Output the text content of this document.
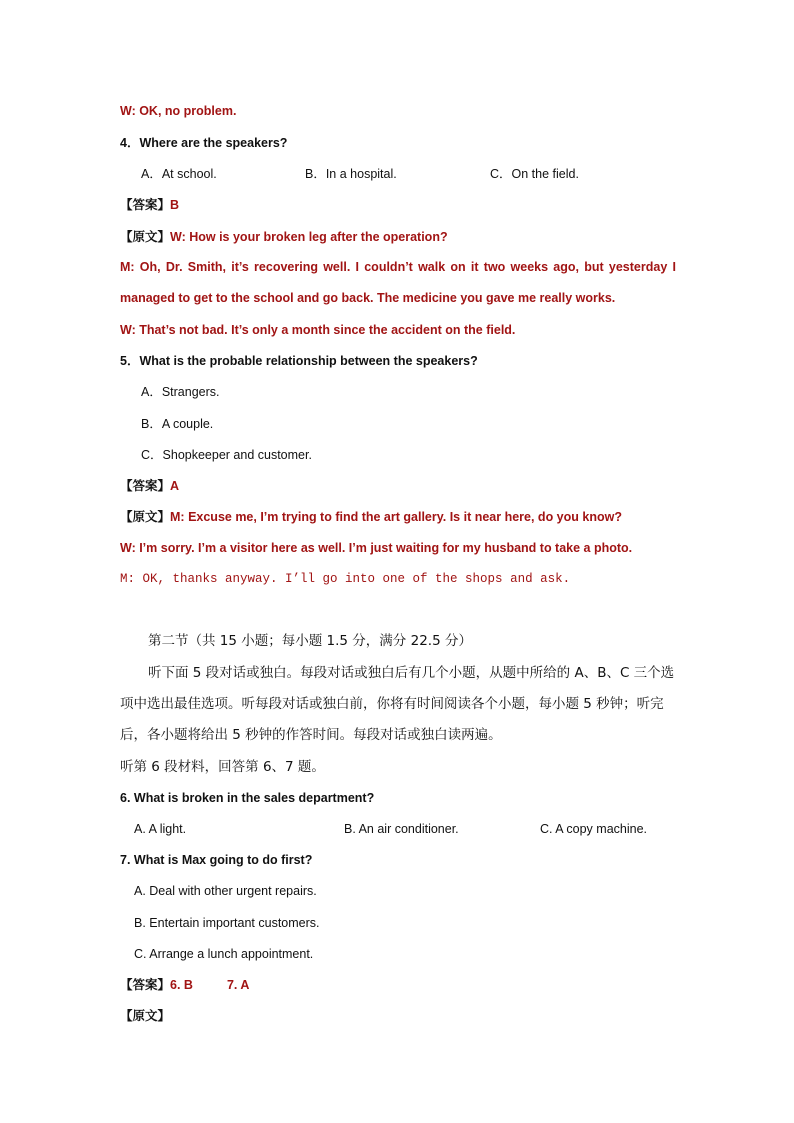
W: OK, no problem.
4．Where are the speakers?
A．At school.	B．In a hospital.	C．On the field.
【答案】B
【原文】W: How is your broken leg after the operation?
M: Oh, Dr. Smith, it’s recovering well. I couldn’t walk on it two weeks ago, but yesterday I managed to get to the school and go back. The medicine you gave me really works.
W: That’s not bad. It’s only a month since the accident on the field.
5．What is the probable relationship between the speakers?
A．Strangers.
B．A couple.
C．Shopkeeper and customer.
【答案】A
【原文】M: Excuse me, I’m trying to find the art gallery. Is it near here, do you know?
W: I’m sorry. I’m a visitor here as well. I’m just waiting for my husband to take a photo.
M: OK, thanks anyway. I’ll go into one of the shops and ask.
第二节（共 15 小题；每小题 1.5 分，满分 22.5 分）
听下面 5 段对话或独白。每段对话或独白后有几个小题，从题中所给的 A、B、C 三个选项中选出最佳选项。听每段对话或独白前，你将有时间阅读各个小题，每小题 5 秒钟；听完后，各小题将给出 5 秒钟的作答时间。每段对话或独白读两遍。
听第 6 段材料，回答第 6、7 题。
6. What is broken in the sales department?
A. A light.	B. An air conditioner.	C. A copy machine.
7. What is Max going to do first?
A. Deal with other urgent repairs.
B. Entertain important customers.
C. Arrange a lunch appointment.
【答案】6. B	7. A
【原文】
